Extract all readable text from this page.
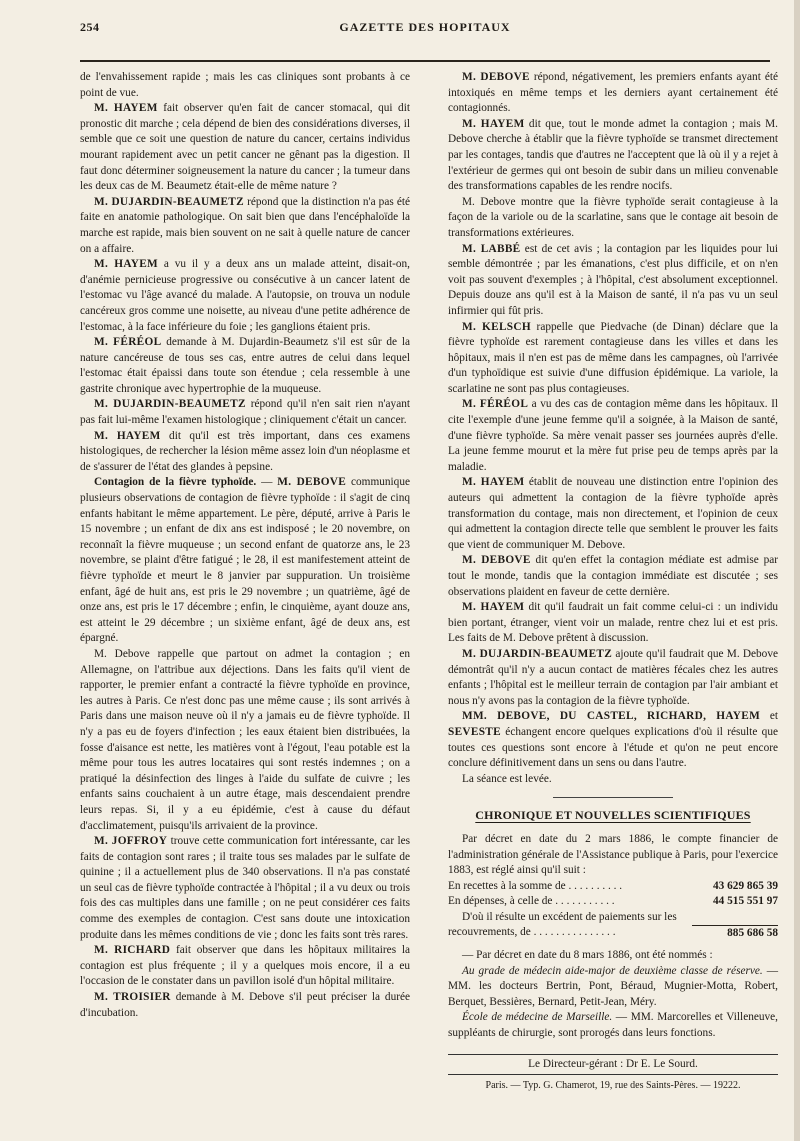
254	GAZETTE DES HOPITAUX

de l'envahissement rapide ; mais les cas cliniques sont probants à ce point de vue.

M. HAYEM fait observer qu'en fait de cancer stomacal, qui dit pronostic dit marche ; cela dépend de bien des considérations diverses, il semble que ce soit une question de nature du cancer, certains individus mourant rapidement avec un petit cancer ne gênant pas la digestion. Il faut donc déterminer soigneusement la nature du cancer ; la tumeur dans les deux cas de M. Beaumetz était-elle de même nature ?

M. DUJARDIN-BEAUMETZ répond que la distinction n'a pas été faite en anatomie pathologique. On sait bien que dans l'encéphaloïde la marche est rapide, mais bien souvent on ne sait à quelle nature de cancer on a affaire.

M. HAYEM a vu il y a deux ans un malade atteint, disait-on, d'anémie pernicieuse progressive ou consécutive à un cancer latent de l'estomac vu l'âge avancé du malade. A l'autopsie, on trouva un nodule cancéreux gros comme une noisette, au niveau d'une petite adhérence de l'estomac, à la face inférieure du foie ; les ganglions étaient pris.

M. FÉRÉOL demande à M. Dujardin-Beaumetz s'il est sûr de la nature cancéreuse de tous ses cas, entre autres de celui dans lequel l'estomac était épaissi dans toute son étendue ; cela ressemble à une gastrite chronique avec hypertrophie de la muqueuse.

M. DUJARDIN-BEAUMETZ répond qu'il n'en sait rien n'ayant pas fait lui-même l'examen histologique ; cliniquement c'était un cancer.

M. HAYEM dit qu'il est très important, dans ces examens histologiques, de rechercher la lésion même assez loin d'un néoplasme et de s'assurer de l'état des glandes à pepsine.

Contagion de la fièvre typhoïde. — M. DEBOVE communique plusieurs observations de contagion de fièvre typhoïde : il s'agit de cinq enfants habitant le même appartement. Le père, député, arrive à Paris le 15 novembre ; un enfant de dix ans est indisposé ; le 20 novembre, on reconnaît la fièvre muqueuse ; un second enfant de quatorze ans, le 23 novembre, se plaint d'être fatigué ; le 28, il est manifestement atteint de fièvre typhoïde et meurt le 8 janvier par suppuration. Un troisième enfant, âgé de huit ans, est pris le 29 novembre ; un quatrième, âgé de onze ans, est pris le 17 décembre ; enfin, le cinquième, ayant douze ans, est atteint le 29 décembre ; un sixième enfant, âgé de deux ans, est épargné.

M. Debove rappelle que partout on admet la contagion ; en Allemagne, on l'attribue aux déjections. Dans les faits qu'il vient de rapporter, le premier enfant a contracté la fièvre typhoïde en province, les autres à Paris. Ce n'est donc pas une même cause ; ils sont arrivés à Paris dans une maison neuve où il n'y a jamais eu de fièvre typhoïde. Il n'y a pas eu de foyers d'infection ; les eaux étaient bien distribuées, la fosse d'aisance est nette, les matières vont à l'égout, l'eau potable est la même pour tous les autres locataires qui sont restés indemnes ; on a pratiqué la désinfection des linges à l'aide du sulfate de cuivre ; les enfants sains couchaient à un autre étage, mais descendaient prendre leurs repas. Si, il y a eu épidémie, c'est à cause du défaut d'acclimatement, puisqu'ils arrivaient de la province.

M. JOFFROY trouve cette communication fort intéressante, car les faits de contagion sont rares ; il traite tous ses malades par le sulfate de quinine ; il a actuellement plus de 340 observations. Il n'a pas constaté un seul cas de fièvre typhoïde contractée à l'hôpital ; il a vu deux ou trois fois des cas multiples dans une famille ; on ne peut considérer ces faits comme des exemples de contagion. C'est sans doute une intoxication produite dans les mêmes conditions de vie ; donc les faits sont très rares.

M. RICHARD fait observer que dans les hôpitaux militaires la contagion est plus fréquente ; il y a quelques mois encore, il a eu l'occasion de le constater dans un pavillon isolé d'un hôpital militaire.

M. TROISIER demande à M. Debove s'il peut préciser la durée d'incubation.

M. DEBOVE répond, négativement, les premiers enfants ayant été intoxiqués en même temps et les derniers ayant certainement été contagionnés.

M. HAYEM dit que, tout le monde admet la contagion ; mais M. Debove cherche à établir que la fièvre typhoïde se transmet directement par les contages, tandis que d'autres ne l'acceptent que là où il y a rejet à l'extérieur de germes qui ont besoin de subir dans un milieu convenable des transformations capables de les rendre nocifs.

M. Debove montre que la fièvre typhoïde serait contagieuse à la façon de la variole ou de la scarlatine, sans que le contage ait besoin de transformations extérieures.

M. LABBÉ est de cet avis ; la contagion par les liquides pour lui semble démontrée ; par les émanations, c'est plus difficile, et on n'en voit pas souvent d'exemples ; à l'hôpital, c'est absolument exceptionnel. Depuis douze ans qu'il est à la Maison de santé, il n'a pas vu un seul infirmier qui fût pris.

M. KELSCH rappelle que Piedvache (de Dinan) déclare que la fièvre typhoïde est rarement contagieuse dans les villes et dans les hôpitaux, mais il n'en est pas de même dans les campagnes, où l'arrivée d'un typhoïdique est suivie d'une diffusion épidémique. La variole, la scarlatine ne sont pas plus contagieuses.

M. FÉRÉOL a vu des cas de contagion même dans les hôpitaux. Il cite l'exemple d'une jeune femme qu'il a soignée, à la Maison de santé, d'une fièvre typhoïde. Sa mère venait passer ses journées auprès d'elle. La jeune femme mourut et la mère fut prise peu de temps après par la maladie.

M. HAYEM établit de nouveau une distinction entre l'opinion des auteurs qui admettent la contagion de la fièvre typhoïde après transformation du contage, mais non directement, et l'opinion de ceux qui admettent la contagion directe telle que semblent le prouver les faits que vient de communiquer M. Debove.

M. DEBOVE dit qu'en effet la contagion médiate est admise par tout le monde, tandis que la contagion immédiate est discutée ; ses observations plaident en faveur de cette dernière.

M. HAYEM dit qu'il faudrait un fait comme celui-ci : un individu bien portant, étranger, vient voir un malade, rentre chez lui et est pris. Les faits de M. Debove prêtent à discussion.

M. DUJARDIN-BEAUMETZ ajoute qu'il faudrait que M. Debove démontrât qu'il n'y a aucun contact de matières fécales chez les autres enfants ; l'hôpital est le meilleur terrain de contagion par l'air ambiant et nous n'y avons pas la contagion de la fièvre typhoïde.

MM. DEBOVE, DU CASTEL, RICHARD, HAYEM et SEVESTE échangent encore quelques explications d'où il résulte que toutes ces questions sont encore à l'étude et qu'on ne peut encore conclure définitivement dans un sens ou dans l'autre.

La séance est levée.

CHRONIQUE ET NOUVELLES SCIENTIFIQUES

Par décret en date du 2 mars 1886, le compte financier de l'administration générale de l'Assistance publique à Paris, pour l'exercice 1883, est réglé ainsi qu'il suit :

En recettes à la somme de . . . . . . . . . .	43 629 865 39
En dépenses, à celle de . . . . . . . . . . .	44 515 551 97

D'où il résulte un excédent de paiements sur les

recouvrements, de . . . . . . . . . . . . . . .	885 686 58

— Par décret en date du 8 mars 1886, ont été nommés :

Au grade de médecin aide-major de deuxième classe de réserve. — MM. les docteurs Bertrin, Pont, Béraud, Mugnier-Motta, Robert, Berquet, Bessières, Bernard, Petit-Jean, Méry.

École de médecine de Marseille. — MM. Marcorelles et Villeneuve, suppléants de chirurgie, sont prorogés dans leurs fonctions.

Le Directeur-gérant : Dr E. Le Sourd.
Paris. — Typ. G. Chamerot, 19, rue des Saints-Pères. — 19222.
